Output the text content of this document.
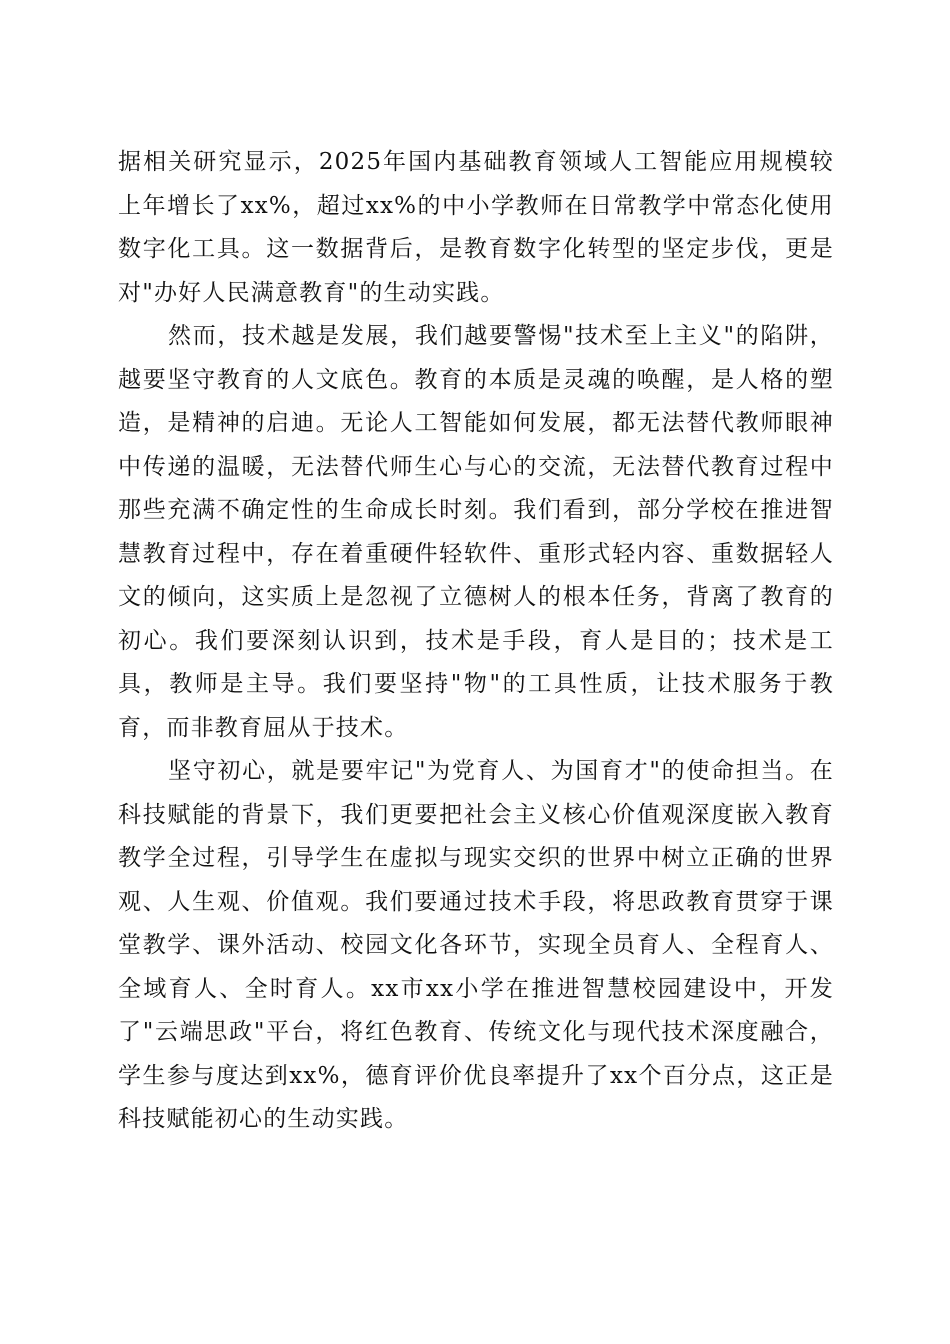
据相关研究显示，2025年国内基础教育领域人工智能应用规模较上年增长了xx%，超过xx%的中小学教师在日常教学中常态化使用数字化工具。这一数据背后，是教育数字化转型的坚定步伐，更是对"办好人民满意教育"的生动实践。

然而，技术越是发展，我们越要警惕"技术至上主义"的陷阱，越要坚守教育的人文底色。教育的本质是灵魂的唤醒，是人格的塑造，是精神的启迪。无论人工智能如何发展，都无法替代教师眼神中传递的温暖，无法替代师生心与心的交流，无法替代教育过程中那些充满不确定性的生命成长时刻。我们看到，部分学校在推进智慧教育过程中，存在着重硬件轻软件、重形式轻内容、重数据轻人文的倾向，这实质上是忽视了立德树人的根本任务，背离了教育的初心。我们要深刻认识到，技术是手段，育人是目的；技术是工具，教师是主导。我们要坚持"物"的工具性质，让技术服务于教育，而非教育屈从于技术。

坚守初心，就是要牢记"为党育人、为国育才"的使命担当。在科技赋能的背景下，我们更要把社会主义核心价值观深度嵌入教育教学全过程，引导学生在虚拟与现实交织的世界中树立正确的世界观、人生观、价值观。我们要通过技术手段，将思政教育贯穿于课堂教学、课外活动、校园文化各环节，实现全员育人、全程育人、全域育人、全时育人。xx市xx小学在推进智慧校园建设中，开发了"云端思政"平台，将红色教育、传统文化与现代技术深度融合，学生参与度达到xx%，德育评价优良率提升了xx个百分点，这正是科技赋能初心的生动实践。
